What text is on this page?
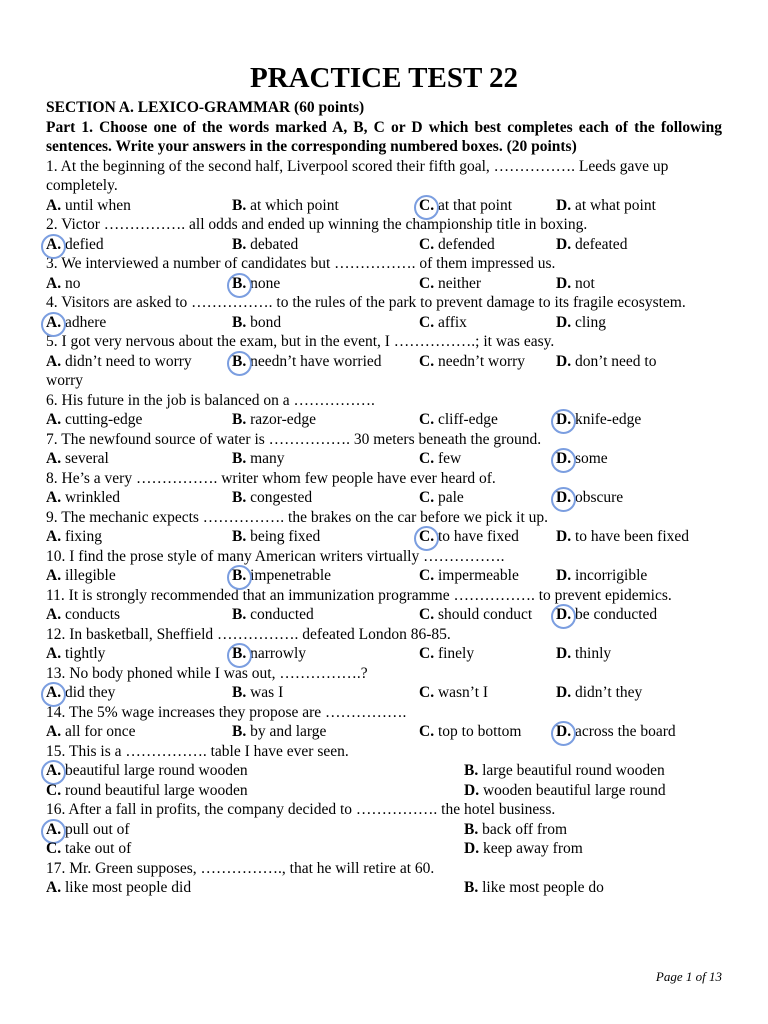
PRACTICE TEST 22
SECTION A. LEXICO-GRAMMAR (60 points)
Part 1. Choose one of the words marked A, B, C or D which best completes each of the following sentences. Write your answers in the corresponding numbered boxes. (20 points)
1. At the beginning of the second half, Liverpool scored their fifth goal, ……………. Leeds gave up completely.
A. until when	B. at which point	C. at that point	D. at what point
2. Victor ……………. all odds and ended up winning the championship title in boxing.
A. defied	B. debated	C. defended	D. defeated
3. We interviewed a number of candidates but ……………. of them impressed us.
A. no	B. none	C. neither	D. not
4. Visitors are asked to ……………. to the rules of the park to prevent damage to its fragile ecosystem.
A. adhere	B. bond	C. affix	D. cling
5. I got very nervous about the exam, but in the event, I …………….; it was easy.
A. didn’t need to worry	B. needn’t have worried C. needn’t worry D. don’t need to
worry
6. His future in the job is balanced on a …………….
A. cutting-edge	B. razor-edge	C. cliff-edge	D. knife-edge
7. The newfound source of water is ……………. 30 meters beneath the ground.
A. several	B. many	C. few	D. some
8. He’s a very ……………. writer whom few people have ever heard of.
A. wrinkled	B. congested	C. pale	D. obscure
9. The mechanic expects ……………. the brakes on the car before we pick it up.
A. fixing	B. being fixed	C. to have fixed D. to have been fixed
10. I find the prose style of many American writers virtually …………….
A. illegible	B. impenetrable	C. impermeable D. incorrigible
11. It is strongly recommended that an immunization programme ……………. to prevent epidemics.
A. conducts	B. conducted	C. should conduct D. be conducted
12. In basketball, Sheffield ……………. defeated London 86-85.
A. tightly	B. narrowly	C. finely	D. thinly
13. No body phoned while I was out, …………….?
A. did they	B. was I	C. wasn’t I	D. didn’t they
14. The 5% wage increases they propose are …………….
A. all for once	B. by and large	C. top to bottom D. across the board
15. This is a ……………. table I have ever seen.
A. beautiful large round wooden	B. large beautiful round wooden
C. round beautiful large wooden	D. wooden beautiful large round
16. After a fall in profits, the company decided to ……………. the hotel business.
A. pull out of	B. back off from
C. take out of	D. keep away from
17. Mr. Green supposes, ……………., that he will retire at 60.
A. like most people did	B. like most people do
Page 1 of 13
